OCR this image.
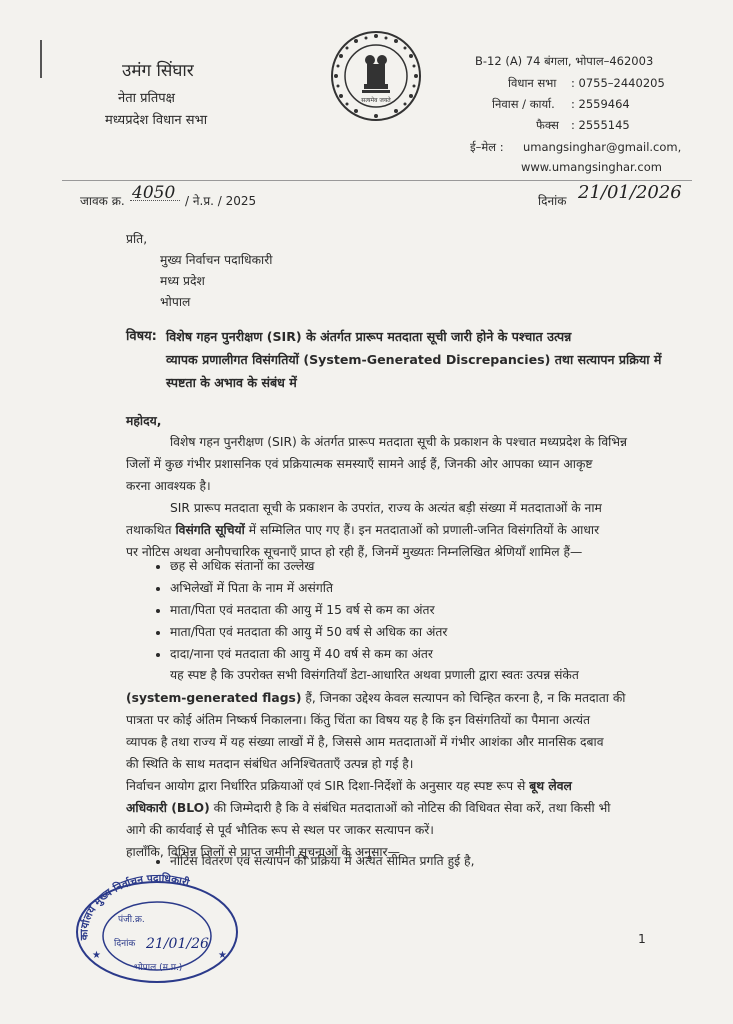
उमंग सिंघार
नेता प्रतिपक्ष
मध्यप्रदेश विधान सभा
सत्यमेव जयते
B-12 (A) 74 बंगला, भोपाल–462003
विधान सभा : 0755–2440205
निवास / कार्या. : 2559464
फैक्स : 2555145
ई–मेल : umangsinghar@gmail.com,
www.umangsinghar.com
जावक क्र. 4050 / ने.प्र. / 2025	दिनांक 21/01/2026
प्रति,
मुख्य निर्वाचन पदाधिकारी
मध्य प्रदेश
भोपाल
विषय: विशेष गहन पुनरीक्षण (SIR) के अंतर्गत प्रारूप मतदाता सूची जारी होने के पश्चात उत्पन्न
व्यापक प्रणालीगत विसंगतियों (System-Generated Discrepancies) तथा सत्यापन प्रक्रिया में
स्पष्टता के अभाव के संबंध में
महोदय,
विशेष गहन पुनरीक्षण (SIR) के अंतर्गत प्रारूप मतदाता सूची के प्रकाशन के पश्चात मध्यप्रदेश के विभिन्न
जिलों में कुछ गंभीर प्रशासनिक एवं प्रक्रियात्मक समस्याएँ सामने आई हैं, जिनकी ओर आपका ध्यान आकृष्ट
करना आवश्यक है।
SIR प्रारूप मतदाता सूची के प्रकाशन के उपरांत, राज्य के अत्यंत बड़ी संख्या में मतदाताओं के नाम
तथाकथित विसंगति सूचियों में सम्मिलित पाए गए हैं। इन मतदाताओं को प्रणाली-जनित विसंगतियों के आधार
पर नोटिस अथवा अनौपचारिक सूचनाएँ प्राप्त हो रही हैं, जिनमें मुख्यतः निम्नलिखित श्रेणियाँ शामिल हैं—
• छह से अधिक संतानों का उल्लेख
• अभिलेखों में पिता के नाम में असंगति
• माता/पिता एवं मतदाता की आयु में 15 वर्ष से कम का अंतर
• माता/पिता एवं मतदाता की आयु में 50 वर्ष से अधिक का अंतर
• दादा/नाना एवं मतदाता की आयु में 40 वर्ष से कम का अंतर
यह स्पष्ट है कि उपरोक्त सभी विसंगतियाँ डेटा-आधारित अथवा प्रणाली द्वारा स्वतः उत्पन्न संकेत
(system-generated flags) हैं, जिनका उद्देश्य केवल सत्यापन को चिन्हित करना है, न कि मतदाता की
पात्रता पर कोई अंतिम निष्कर्ष निकालना। किंतु चिंता का विषय यह है कि इन विसंगतियों का पैमाना अत्यंत
व्यापक है तथा राज्य में यह संख्या लाखों में है, जिससे आम मतदाताओं में गंभीर आशंका और मानसिक दबाव
की स्थिति के साथ मतदान संबंधित अनिश्चितताएँ उत्पन्न हो गई है।
निर्वाचन आयोग द्वारा निर्धारित प्रक्रियाओं एवं SIR दिशा-निर्देशों के अनुसार यह स्पष्ट रूप से बूथ लेवल
अधिकारी (BLO) की जिम्मेदारी है कि वे संबंधित मतदाताओं को नोटिस की विधिवत सेवा करें, तथा किसी भी
आगे की कार्यवाई से पूर्व भौतिक रूप से स्थल पर जाकर सत्यापन करें।
हालाँकि, विभिन्न जिलों से प्राप्त जमीनी सूचनाओं के अनुसार—
• नोटिस वितरण एवं सत्यापन की प्रक्रिया में अत्यंत सीमित प्रगति हुई है,
कार्यालय मुख्य निर्वाचन पदाधिकारी
पंजी.क्र.
दिनांक 21/01/26
भोपाल (म.प्र.)
★	★
1
